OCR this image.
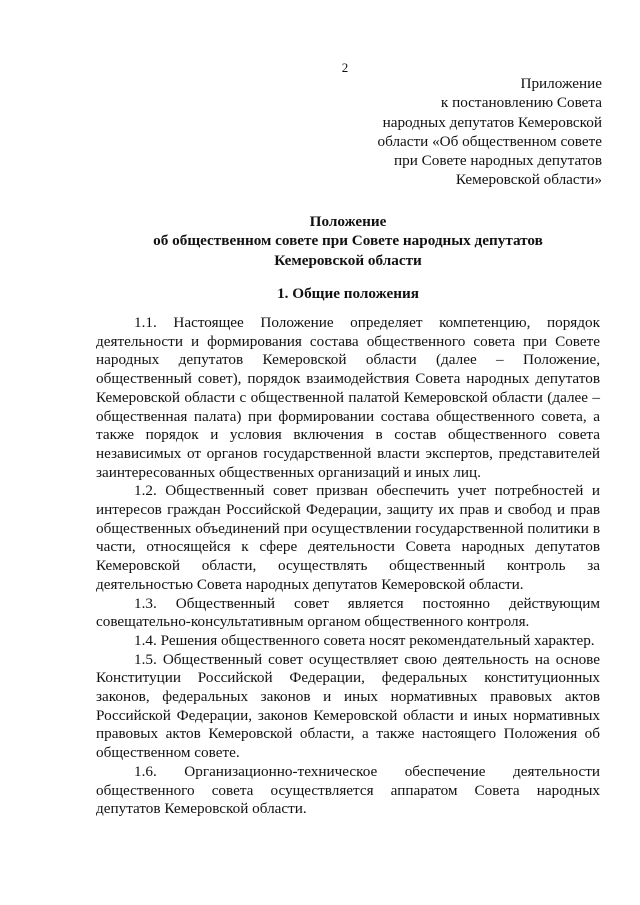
2
Приложение
к постановлению Совета
народных депутатов Кемеровской
области «Об общественном совете
при Совете народных депутатов
Кемеровской области»
Положение
об общественном совете при Совете народных депутатов
Кемеровской области
1. Общие положения

1.1. Настоящее Положение определяет компетенцию, порядок деятельности и формирования состава общественного совета при Совете народных депутатов Кемеровской области (далее – Положение, общественный совет), порядок взаимодействия Совета народных депутатов Кемеровской области с общественной палатой Кемеровской области (далее – общественная палата) при формировании состава общественного совета, а также порядок и условия включения в состав общественного совета независимых от органов государственной власти экспертов, представителей заинтересованных общественных организаций и иных лиц.

1.2. Общественный совет призван обеспечить учет потребностей и интересов граждан Российской Федерации, защиту их прав и свобод и прав общественных объединений при осуществлении государственной политики в части, относящейся к сфере деятельности Совета народных депутатов Кемеровской области, осуществлять общественный контроль за деятельностью Совета народных депутатов Кемеровской области.

1.3. Общественный совет является постоянно действующим совещательно-консультативным органом общественного контроля.

1.4. Решения общественного совета носят рекомендательный характер.

1.5. Общественный совет осуществляет свою деятельность на основе Конституции Российской Федерации, федеральных конституционных законов, федеральных законов и иных нормативных правовых актов Российской Федерации, законов Кемеровской области и иных нормативных правовых актов Кемеровской области, а также настоящего Положения об общественном совете.

1.6. Организационно-техническое обеспечение деятельности общественного совета осуществляется аппаратом Совета народных депутатов Кемеровской области.
